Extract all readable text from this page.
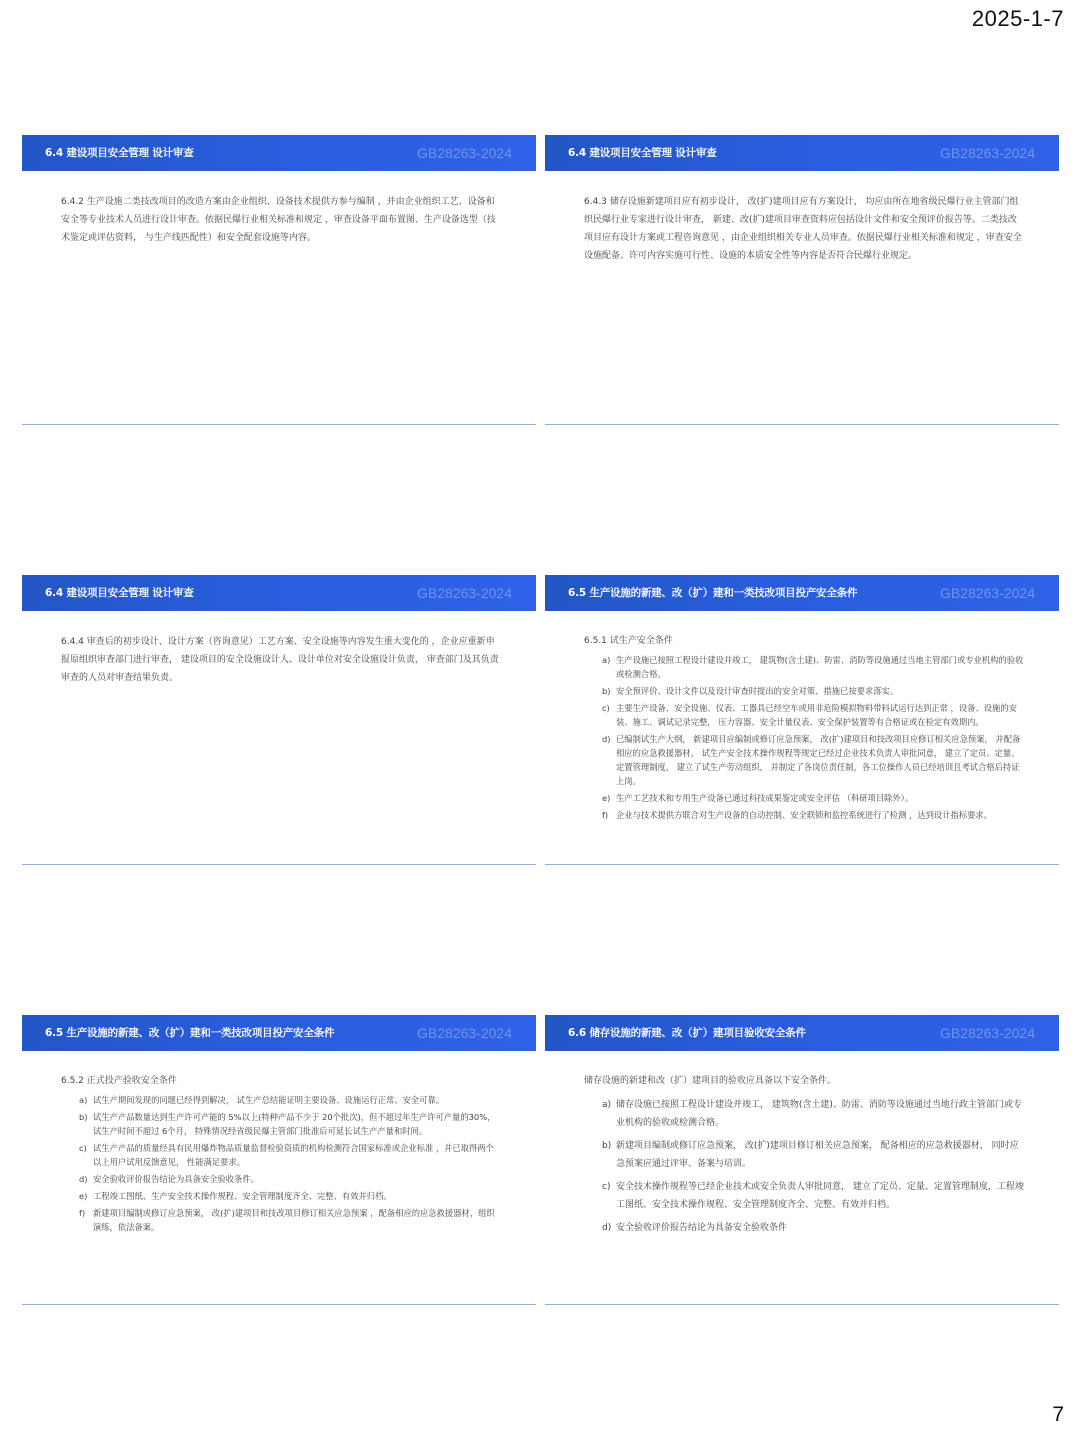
2025-1-7
6.4 建设项目安全管理 设计审查	GB28263-2024

6.4.2 生产设施二类技改项目的改造方案由企业组织、设备技术提供方参与编制 ，并由企业组织工艺、设备和安全等专业技术人员进行设计审查。依据民爆行业相关标准和规定 ，审查设备平面布置图、生产设备选型（技术鉴定或评估资料， 与生产线匹配性）和安全配套设施等内容。

6.4 建设项目安全管理 设计审查	GB28263-2024

6.4.3 储存设施新建项目应有初步设计， 改(扩)建项目应有方案设计， 均应由所在地省级民爆行业主管部门组织民爆行业专家进行设计审查， 新建、改(扩)建项目审查资料应包括设计文件和安全预评价报告等。二类技改项目应有设计方案或工程咨询意见 ，由企业组织相关专业人员审查。依据民爆行业相关标准和规定 ，审查安全设施配备、许可内容实施可行性、设施的本质安全性等内容是否符合民爆行业规定。

6.4 建设项目安全管理 设计审查	GB28263-2024

6.4.4 审查后的初步设计、设计方案（咨询意见）工艺方案、安全设施等内容发生重大变化的 ，企业应重新申报原组织审查部门进行审查， 建设项目的安全设施设计人、设计单位对安全设施设计负责， 审查部门及其负责审查的人员对审查结果负责。

6.5 生产设施的新建、改（扩）建和一类技改项目投产安全条件	GB28263-2024

6.5.1 试生产安全条件

a) 生产设施已按照工程设计建设并竣工， 建筑物(含土建)、防雷、消防等设施通过当地主管部门或专业机构的验收或检测合格。
b) 安全预评价、设计文件以及设计审查时提出的安全对策、措施已按要求落实。
c) 主要生产设备、安全设施、仪表、工器具已经空车或用非危险模拟物料带料试运行达到正常 ，设备、设施的安装、施工、调试记录完整， 压力容器、安全计量仪表、安全保护装置等有合格证或在检定有效期内。
d) 已编制试生产大纲， 新建项目应编制或修订应急预案， 改(扩)建项目和技改项目应修订相关应急预案， 并配备相应的应急救援器材， 试生产安全技术操作规程等规定已经过企业技术负责人审批同意， 建立了定员、定量、定置管理制度， 建立了试生产劳动组织， 并制定了各岗位责任制，各工位操作人员已经培训且考试合格后持证上岗。
e) 生产工艺技术和专用生产设备已通过科技成果鉴定或安全评估 （科研项目除外）。
f) 企业与技术提供方联合对生产设备的自动控制、安全联锁和监控系统进行了检测 ，达到设计指标要求。
6.5 生产设施的新建、改（扩）建和一类技改项目投产安全条件	GB28263-2024

6.5.2 正式投产验收安全条件

a) 试生产期间发现的问题已经得到解决， 试生产总结能证明主要设备、设施运行正常、安全可靠。
b) 试生产产品数量达到生产许可产能的 5%以上(特种产品不少于 20个批次)，但不超过年生产许可产量的30%， 试生产时间不超过 6个月， 特殊情况经省级民爆主管部门批准后可延长试生产产量和时间。
c) 试生产产品的质量经具有民用爆炸物品质量监督检验资质的机构检测符合国家标准或企业标准 ，并已取得两个以上用户试用反馈意见， 性能满足要求。
d) 安全验收评价报告结论为具备安全验收条件。
e) 工程竣工图纸、生产安全技术操作规程、安全管理制度齐全、完整、有效并归档。
f) 新建项目编制或修订应急预案， 改(扩)建项目和技改项目修订相关应急预案 ，配备相应的应急救援器材，组织演练，依法备案。
6.6 储存设施的新建、改（扩）建项目验收安全条件	GB28263-2024

储存设施的新建和改（扩）建项目的验收应具备以下安全条件。

a) 储存设施已按照工程设计建设并竣工， 建筑物(含土建)、防雷、消防等设施通过当地行政主管部门或专业机构的验收或检测合格。
b) 新建项目编制或修订应急预案， 改(扩)建项目修订相关应急预案， 配备相应的应急救援器材， 同时应急预案应通过评审、备案与培训。
c) 安全技术操作规程等已经企业技术或安全负责人审批同意， 建立了定员、定量、定置管理制度，工程竣工图纸、安全技术操作规程、安全管理制度齐全、完整、有效并归档。
d) 安全验收评价报告结论为具备安全验收条件
7
